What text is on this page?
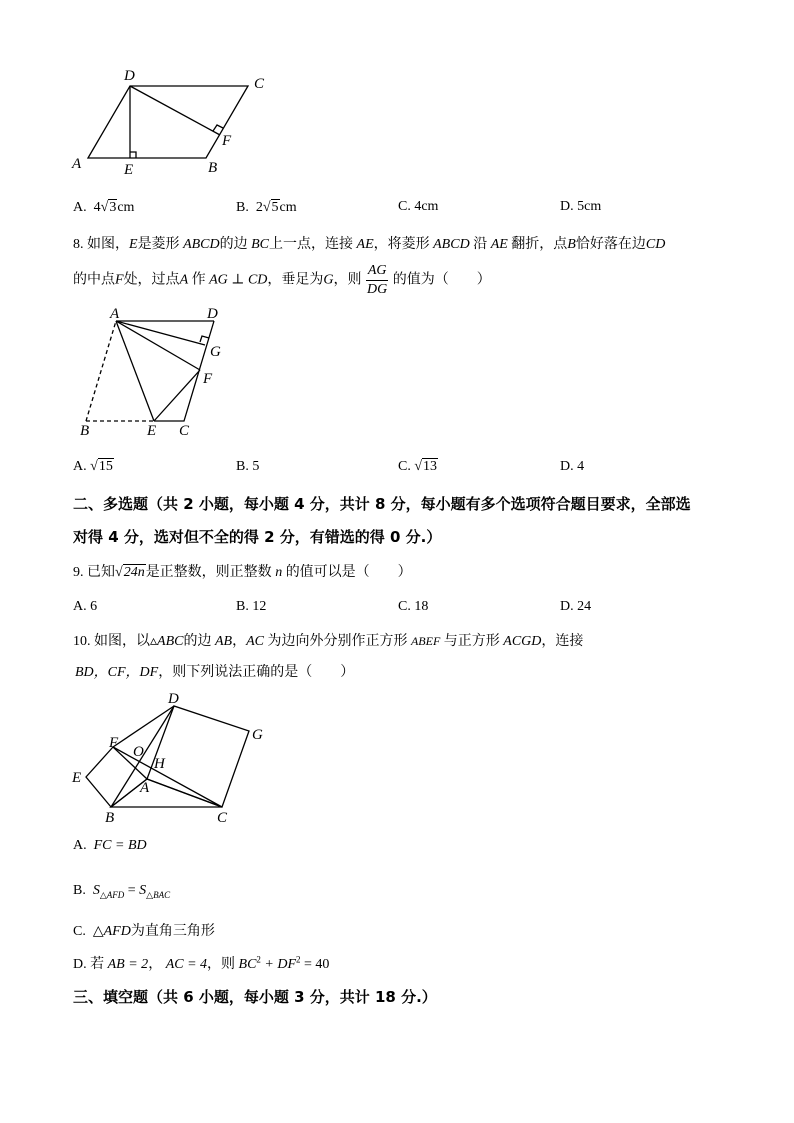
D	C
A	B
E
F
A. 4√3cm	B. 2√5cm	C. 4cm	D. 5cm
8. 如图，E是菱形 ABCD的边 BC上一点，连接 AE，将菱形 ABCD 沿 AE 翻折，点B恰好落在边CD
的中点F处，过点A 作 AG ⊥ CD，垂足为G，则 $\frac{AG}{DG}$ 的值为（　　）
A	D
G
F
B	E C
A. √15	B. 5	C. √13	D. 4
二、多选题（共 2 小题，每小题 4 分，共计 8 分，每小题有多个选项符合题目要求，全部选
对得 4 分，选对但不全的得 2 分，有错选的得 0 分.）
9. 已知√24n是正整数，则正整数 n 的值可以是（　　）
A. 6	B. 12	C. 18	D. 24
10. 如图，以▵ABC的边 AB，AC 为边向外分别作正方形 ABEF 与正方形 ACGD，连接
BD，CF，DF，则下列说法正确的是（　　）
D
G
F
O
H
E
A
B	C
A. FC = BD
B. $S_{\triangle AFD} = S_{\triangle BAC}$
C. △AFD为直角三角形
D. 若 AB = 2， AC = 4，则 $BC^2 + DF^2 = 40$
三、填空题（共 6 小题，每小题 3 分，共计 18 分.）
